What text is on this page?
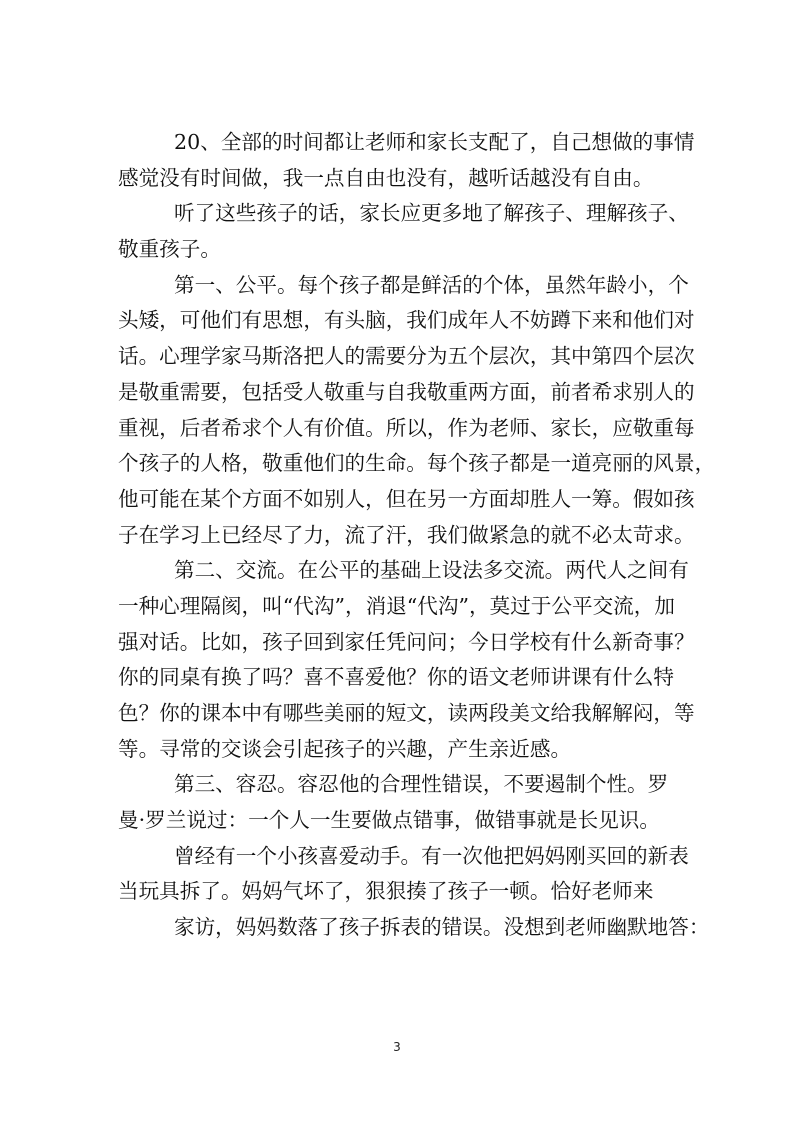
20、全部的时间都让老师和家长支配了，自己想做的事情
感觉没有时间做，我一点自由也没有，越听话越没有自由。
听了这些孩子的话，家长应更多地了解孩子、理解孩子、
敬重孩子。
第一、公平。每个孩子都是鲜活的个体，虽然年龄小，个
头矮，可他们有思想，有头脑，我们成年人不妨蹲下来和他们对
话。心理学家马斯洛把人的需要分为五个层次，其中第四个层次
是敬重需要，包括受人敬重与自我敬重两方面，前者希求别人的
重视，后者希求个人有价值。所以，作为老师、家长，应敬重每
个孩子的人格，敬重他们的生命。每个孩子都是一道亮丽的风景，
他可能在某个方面不如别人，但在另一方面却胜人一筹。假如孩
子在学习上已经尽了力，流了汗，我们做紧急的就不必太苛求。
第二、交流。在公平的基础上设法多交流。两代人之间有
一种心理隔阂，叫“代沟”，消退“代沟”，莫过于公平交流，加
强对话。比如，孩子回到家任凭问问；今日学校有什么新奇事？
你的同桌有换了吗？喜不喜爱他？你的语文老师讲课有什么特
色？你的课本中有哪些美丽的短文，读两段美文给我解解闷，等
等。寻常的交谈会引起孩子的兴趣，产生亲近感。
第三、容忍。容忍他的合理性错误，不要遏制个性。罗
曼·罗兰说过：一个人一生要做点错事，做错事就是长见识。
曾经有一个小孩喜爱动手。有一次他把妈妈刚买回的新表
当玩具拆了。妈妈气坏了，狠狠揍了孩子一顿。恰好老师来
家访，妈妈数落了孩子拆表的错误。没想到老师幽默地答：
3
